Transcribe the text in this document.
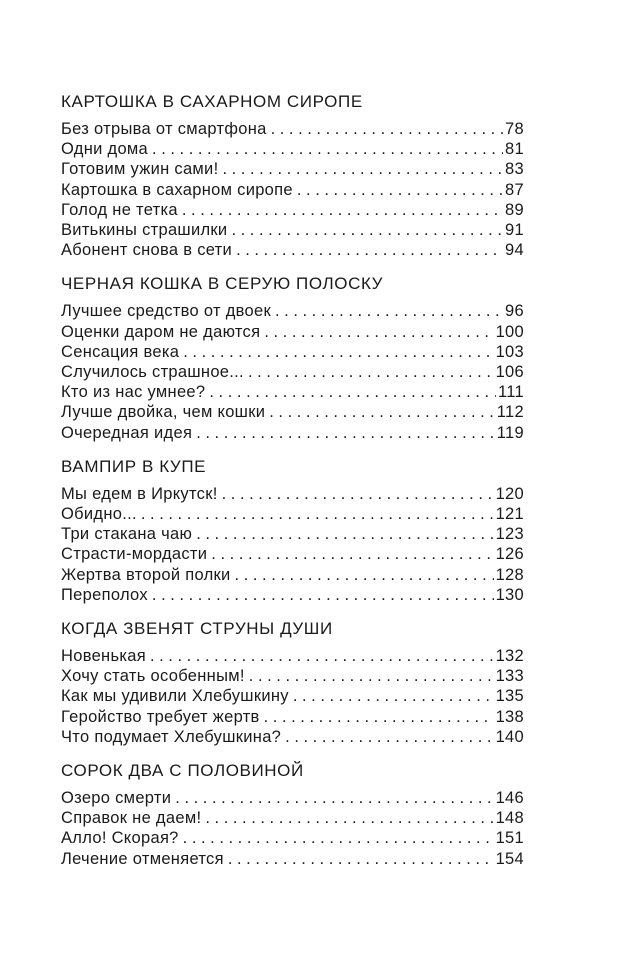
КАРТОШКА В САХАРНОМ СИРОПЕ
Без отрыва от смартфона . . .	78
Одни дома . . .	81
Готовим ужин сами! . . .	83
Картошка в сахарном сиропе . . .	87
Голод не тетка . . .	89
Витькины страшилки . . .	91
Абонент снова в сети . . .	94
ЧЕРНАЯ КОШКА В СЕРУЮ ПОЛОСКУ
Лучшее средство от двоек . . .	96
Оценки даром не даются . . .	100
Сенсация века . . .	103
Случилось страшное... . . .	106
Кто из нас умнее? . . .	111
Лучше двойка, чем кошки . . .	112
Очередная идея . . .	119
ВАМПИР В КУПЕ
Мы едем в Иркутск! . . .	120
Обидно... . . .	121
Три стакана чаю . . .	123
Страсти-мордасти . . .	126
Жертва второй полки . . .	128
Переполох . . .	130
КОГДА ЗВЕНЯТ СТРУНЫ ДУШИ
Новенькая . . .	132
Хочу стать особенным! . . .	133
Как мы удивили Хлебушкину . . .	135
Геройство требует жертв . . .	138
Что подумает Хлебушкина? . . .	140
СОРОК ДВА С ПОЛОВИНОЙ
Озеро смерти . . .	146
Справок не даем! . . .	148
Алло! Скорая? . . .	151
Лечение отменяется . . .	154
